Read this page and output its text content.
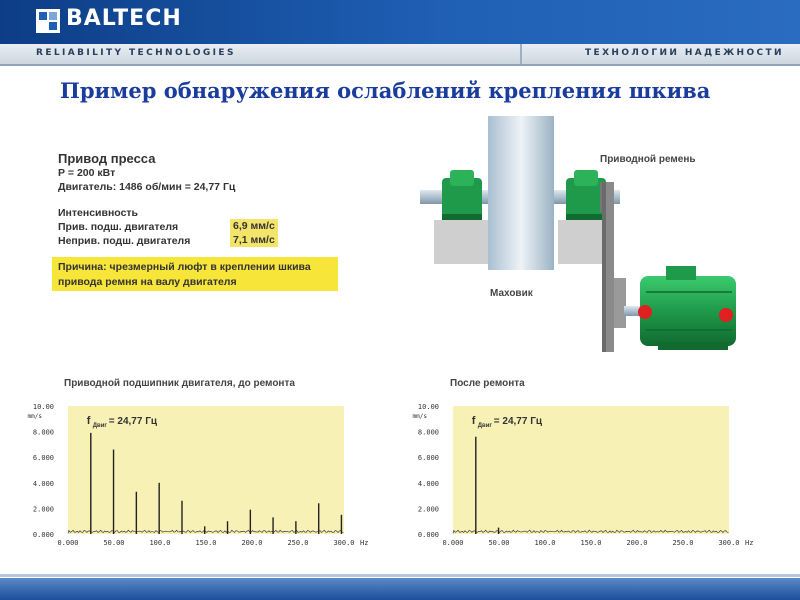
BALTECH
RELIABILITY TECHNOLOGIES	ТЕХНОЛОГИИ НАДЕЖНОСТИ
Пример обнаружения ослаблений крепления шкива
Привод пресса
Р = 200 кВт
Двигатель: 1486 об/мин = 24,77 Гц
Интенсивность
Прив. подш. двигателя	6,9 мм/с
Неприв. подш. двигателя	7,1 мм/с
Причина: чрезмерный люфт в креплении шкива
привода ремня на валу двигателя
Приводной ремень
Маховик
Приводной подшипник двигателя, до ремонта	После ремонта
0.000
2.000
4.000
6.000
8.000
10.00
mm/s
0.000	50.00	100.0	150.0	200.0	250.0	300.0 Hz
f Двиг = 24,77 Гц
0.000
2.000
4.000
6.000
8.000
10.00
mm/s
0.000	50.00	100.0	150.0	200.0	250.0	300.0 Hz
f Двиг = 24,77 Гц
